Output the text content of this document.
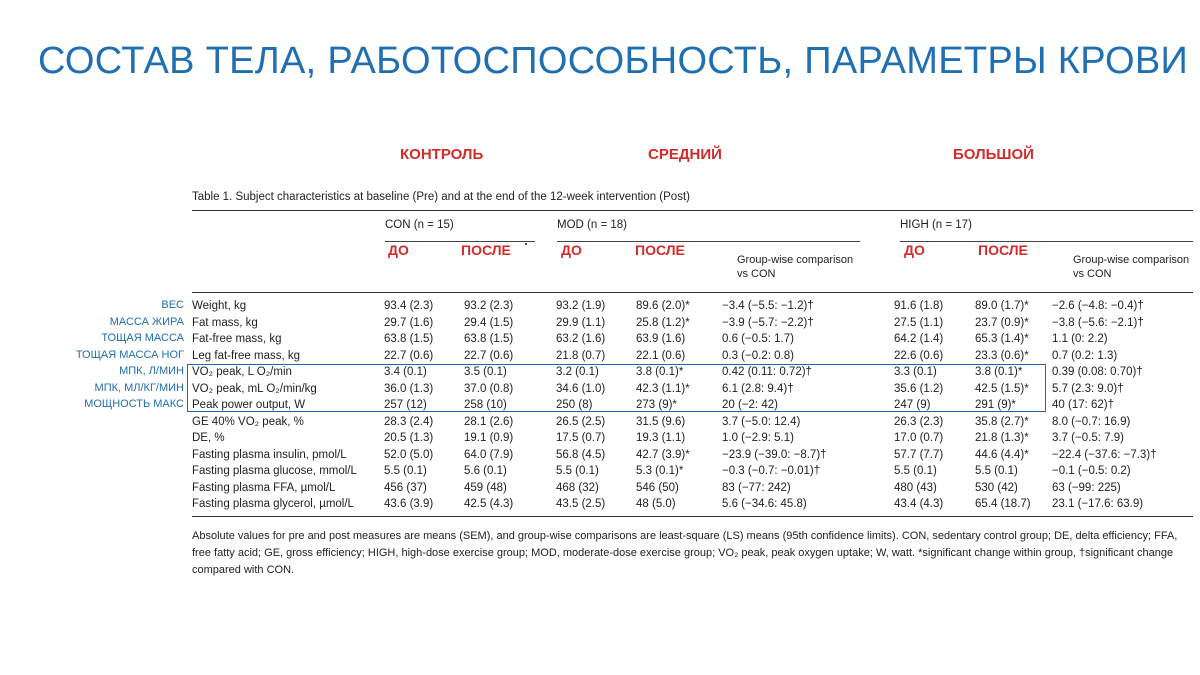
СОСТАВ ТЕЛА, РАБОТОСПОСОБНОСТЬ, ПАРАМЕТРЫ КРОВИ
КОНТРОЛЬ	СРЕДНИЙ	БОЛЬШОЙ
Table 1. Subject characteristics at baseline (Pre) and at the end of the 12-week intervention (Post)
CON (n = 15)	MOD (n = 18)	HIGH (n = 17)
ДО	ПОСЛЕ	ДО	ПОСЛЕ	ДО	ПОСЛЕ
Group-wise comparison
vs CON
Group-wise comparison
vs CON
ВЕС
МАССА ЖИРА
ТОЩАЯ МАССА
ТОЩАЯ МАССА НОГ
МПК, Л/МИН
МПК, МЛ/КГ/МИН
МОЩНОСТЬ МАКС
Weight, kg	93.4 (2.3)	93.2 (2.3)	93.2 (1.9)	89.6 (2.0)*	−3.4 (−5.5: −1.2)†	91.6 (1.8)	89.0 (1.7)* −2.6 (−4.8: −0.4)†
Fat mass, kg	29.7 (1.6)	29.4 (1.5)	29.9 (1.1)	25.8 (1.2)*	−3.9 (−5.7: −2.2)†	27.5 (1.1)	23.7 (0.9)* −3.8 (−5.6: −2.1)†
Fat-free mass, kg	63.8 (1.5)	63.8 (1.5)	63.2 (1.6)	63.9 (1.6)	0.6 (−0.5: 1.7)	64.2 (1.4)	65.3 (1.4)* 1.1 (0: 2.2)
Leg fat-free mass, kg	22.7 (0.6)	22.7 (0.6)	21.8 (0.7)	22.1 (0.6)	0.3 (−0.2: 0.8)	22.6 (0.6)	23.3 (0.6)* 0.7 (0.2: 1.3)
VO₂ peak, L O₂/min	3.4 (0.1)	3.5 (0.1)	3.2 (0.1)	3.8 (0.1)*	0.42 (0.11: 0.72)†	3.3 (0.1)	3.8 (0.1)*	0.39 (0.08: 0.70)†
VO₂ peak, mL O₂/min/kg	36.0 (1.3)	37.0 (0.8)	34.6 (1.0)	42.3 (1.1)*	6.1 (2.8: 9.4)†	35.6 (1.2)	42.5 (1.5)* 5.7 (2.3: 9.0)†
Peak power output, W	257 (12)	258 (10)	250 (8)	273 (9)*	20 (−2: 42)	247 (9)	291 (9)*	40 (17: 62)†
GE 40% VO₂ peak, %	28.3 (2.4)	28.1 (2.6)	26.5 (2.5)	31.5 (9.6)	3.7 (−5.0: 12.4)	26.3 (2.3)	35.8 (2.7)* 8.0 (−0.7: 16.9)
DE, %	20.5 (1.3)	19.1 (0.9)	17.5 (0.7)	19.3 (1.1)	1.0 (−2.9: 5.1)	17.0 (0.7)	21.8 (1.3)* 3.7 (−0.5: 7.9)
Fasting plasma insulin, pmol/L	52.0 (5.0)	64.0 (7.9)	56.8 (4.5)	42.7 (3.9)*	−23.9 (−39.0: −8.7)†	57.7 (7.7)	44.6 (4.4)* −22.4 (−37.6: −7.3)†
Fasting plasma glucose, mmol/L 5.5 (0.1)	5.6 (0.1)	5.5 (0.1)	5.3 (0.1)*	−0.3 (−0.7: −0.01)†	5.5 (0.1)	5.5 (0.1)	−0.1 (−0.5: 0.2)
Fasting plasma FFA, µmol/L	456 (37)	459 (48)	468 (32)	546 (50)	83 (−77: 242)	480 (43)	530 (42)	63 (−99: 225)
Fasting plasma glycerol, µmol/L	43.6 (3.9)	42.5 (4.3)	43.5 (2.5)	48 (5.0)	5.6 (−34.6: 45.8)	43.4 (4.3)	65.4 (18.7) 23.1 (−17.6: 63.9)
Absolute values for pre and post measures are means (SEM), and group-wise comparisons are least-square (LS) means (95th confidence limits). CON, sedentary control group; DE, delta efficiency; FFA, free fatty acid; GE, gross efficiency; HIGH, high-dose exercise group; MOD, moderate-dose exercise group; VO₂ peak, peak oxygen uptake; W, watt. *significant change within group, †significant change compared with CON.
